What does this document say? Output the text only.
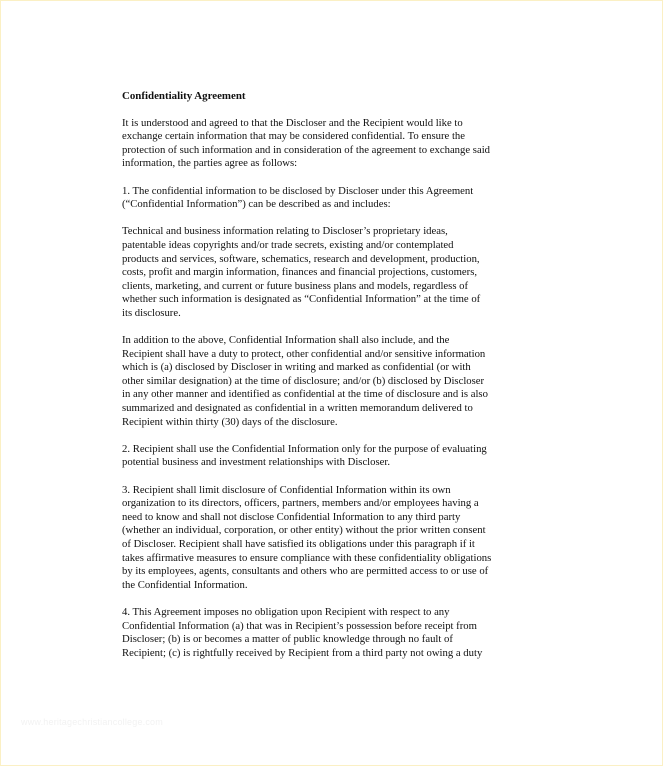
Confidentiality Agreement
It is understood and agreed to that the Discloser and the Recipient would like to
exchange certain information that may be considered confidential. To ensure the
protection of such information and in consideration of the agreement to exchange said
information, the parties agree as follows:
1. The confidential information to be disclosed by Discloser under this Agreement
(“Confidential Information”) can be described as and includes:
Technical and business information relating to Discloser’s proprietary ideas,
patentable ideas copyrights and/or trade secrets, existing and/or contemplated
products and services, software, schematics, research and development, production,
costs, profit and margin information, finances and financial projections, customers,
clients, marketing, and current or future business plans and models, regardless of
whether such information is designated as “Confidential Information” at the time of
its disclosure.
In addition to the above, Confidential Information shall also include, and the
Recipient shall have a duty to protect, other confidential and/or sensitive information
which is (a) disclosed by Discloser in writing and marked as confidential (or with
other similar designation) at the time of disclosure; and/or (b) disclosed by Discloser
in any other manner and identified as confidential at the time of disclosure and is also
summarized and designated as confidential in a written memorandum delivered to
Recipient within thirty (30) days of the disclosure.
2. Recipient shall use the Confidential Information only for the purpose of evaluating
potential business and investment relationships with Discloser.
3. Recipient shall limit disclosure of Confidential Information within its own
organization to its directors, officers, partners, members and/or employees having a
need to know and shall not disclose Confidential Information to any third party
(whether an individual, corporation, or other entity) without the prior written consent
of Discloser. Recipient shall have satisfied its obligations under this paragraph if it
takes affirmative measures to ensure compliance with these confidentiality obligations
by its employees, agents, consultants and others who are permitted access to or use of
the Confidential Information.
4. This Agreement imposes no obligation upon Recipient with respect to any
Confidential Information (a) that was in Recipient’s possession before receipt from
Discloser; (b) is or becomes a matter of public knowledge through no fault of
Recipient; (c) is rightfully received by Recipient from a third party not owing a duty
www.heritagechristiancollege.com
